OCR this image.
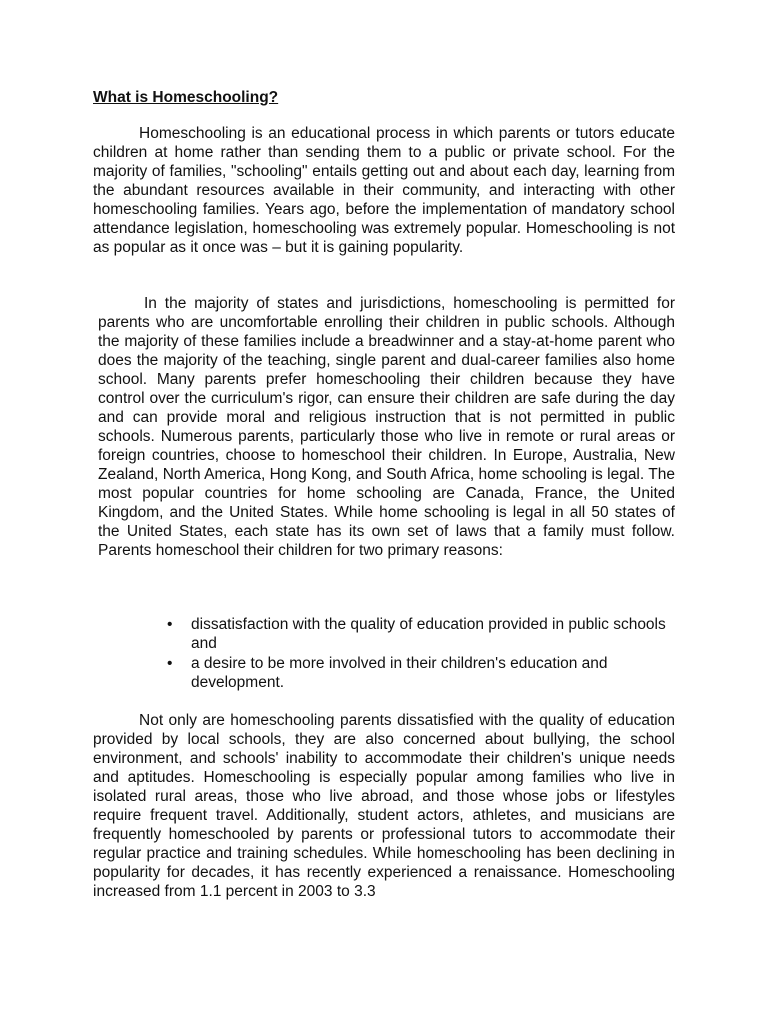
What is Homeschooling?

Homeschooling is an educational process in which parents or tutors educate children at home rather than sending them to a public or private school. For the majority of families, "schooling" entails getting out and about each day, learning from the abundant resources available in their community, and interacting with other homeschooling families. Years ago, before the implementation of mandatory school attendance legislation, homeschooling was extremely popular. Homeschooling is not as popular as it once was – but it is gaining popularity.

In the majority of states and jurisdictions, homeschooling is permitted for parents who are uncomfortable enrolling their children in public schools. Although the majority of these families include a breadwinner and a stay-at-home parent who does the majority of the teaching, single parent and dual-career families also home school. Many parents prefer homeschooling their children because they have control over the curriculum's rigor, can ensure their children are safe during the day and can provide moral and religious instruction that is not permitted in public schools. Numerous parents, particularly those who live in remote or rural areas or foreign countries, choose to homeschool their children. In Europe, Australia, New Zealand, North America, Hong Kong, and South Africa, home schooling is legal. The most popular countries for home schooling are Canada, France, the United Kingdom, and the United States. While home schooling is legal in all 50 states of the United States, each state has its own set of laws that a family must follow. Parents homeschool their children for two primary reasons:

• dissatisfaction with the quality of education provided in public schools and
• a desire to be more involved in their children's education and development.

Not only are homeschooling parents dissatisfied with the quality of education provided by local schools, they are also concerned about bullying, the school environment, and schools' inability to accommodate their children's unique needs and aptitudes. Homeschooling is especially popular among families who live in isolated rural areas, those who live abroad, and those whose jobs or lifestyles require frequent travel. Additionally, student actors, athletes, and musicians are frequently homeschooled by parents or professional tutors to accommodate their regular practice and training schedules. While homeschooling has been declining in popularity for decades, it has recently experienced a renaissance. Homeschooling increased from 1.1 percent in 2003 to 3.3
